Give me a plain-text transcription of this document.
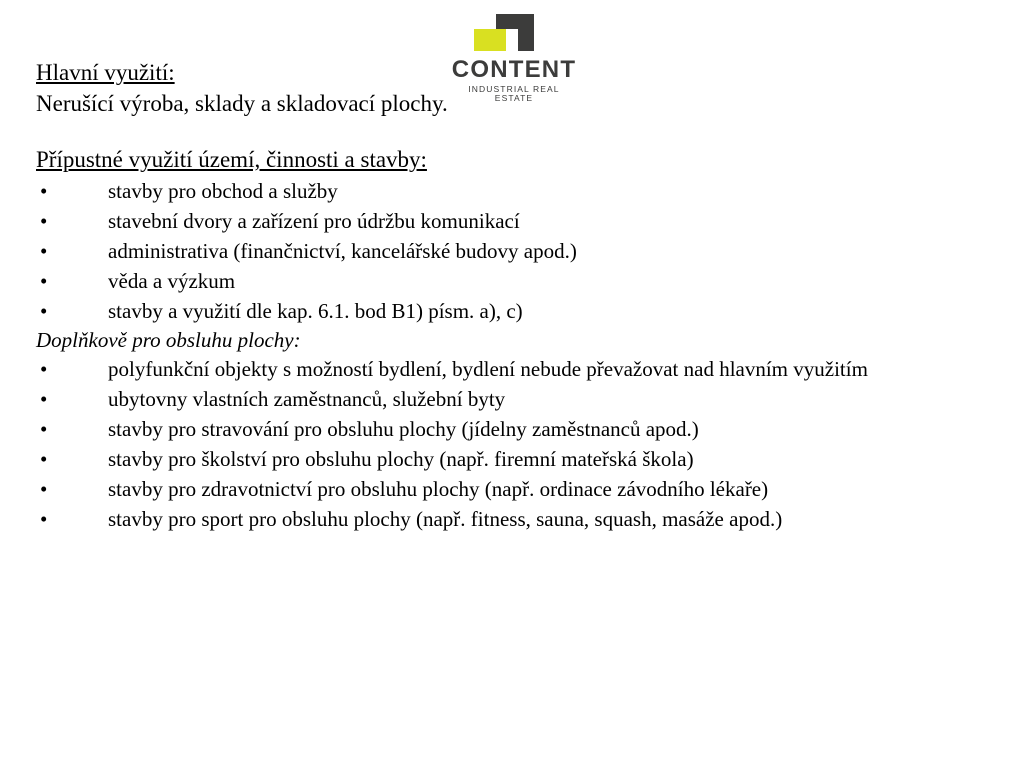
CONTENT
INDUSTRIAL REAL ESTATE

Hlavní využití:

Nerušící výroba, sklady a skladovací plochy.

Přípustné využití území, činnosti a stavby:

•	stavby pro obchod a služby
•	stavební dvory a zařízení pro údržbu komunikací
•	administrativa (finančnictví, kancelářské budovy apod.)
•	věda a výzkum
•	stavby a využití dle kap. 6.1. bod B1) písm. a), c)

Doplňkově pro obsluhu plochy:

•	polyfunkční objekty s možností bydlení, bydlení nebude převažovat nad hlavním využitím
•	ubytovny vlastních zaměstnanců, služební byty
•	stavby pro stravování pro obsluhu plochy (jídelny zaměstnanců apod.)
•	stavby pro školství pro obsluhu plochy (např. firemní mateřská škola)
•	stavby pro zdravotnictví pro obsluhu plochy (např. ordinace závodního lékaře)
•	stavby pro sport pro obsluhu plochy (např. fitness, sauna, squash, masáže apod.)
